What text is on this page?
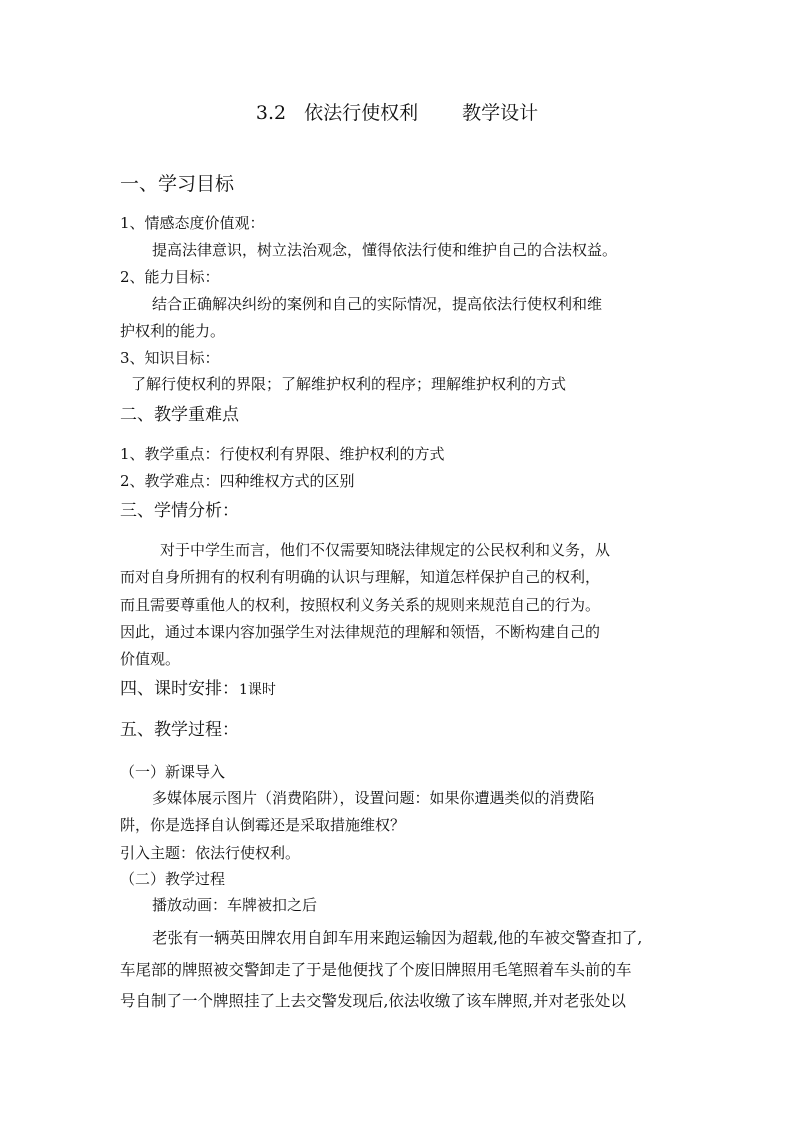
3.2 依法行使权利 教学设计
一、学习目标
1、情感态度价值观：
提高法律意识，树立法治观念，懂得依法行使和维护自己的合法权益。
2、能力目标：
结合正确解决纠纷的案例和自己的实际情况，提高依法行使权利和维
护权利的能力。
3、知识目标：
了解行使权利的界限；了解维护权利的程序；理解维护权利的方式
二、教学重难点
1、教学重点：行使权利有界限、维护权利的方式
2、教学难点：四种维权方式的区别
三、学情分析：
对于中学生而言，他们不仅需要知晓法律规定的公民权利和义务，从
而对自身所拥有的权利有明确的认识与理解，知道怎样保护自己的权利，
而且需要尊重他人的权利，按照权利义务关系的规则来规范自己的行为。
因此，通过本课内容加强学生对法律规范的理解和领悟，不断构建自己的
价值观。
四、课时安排：1课时
五、教学过程：
（一）新课导入
多媒体展示图片（消费陷阱），设置问题：如果你遭遇类似的消费陷
阱，你是选择自认倒霉还是采取措施维权？
引入主题：依法行使权利。
（二）教学过程
播放动画：车牌被扣之后
老张有一辆英田牌农用自卸车用来跑运输因为超载,他的车被交警查扣了,
车尾部的牌照被交警卸走了于是他便找了个废旧牌照用毛笔照着车头前的车
号自制了一个牌照挂了上去交警发现后,依法收缴了该车牌照,并对老张处以
